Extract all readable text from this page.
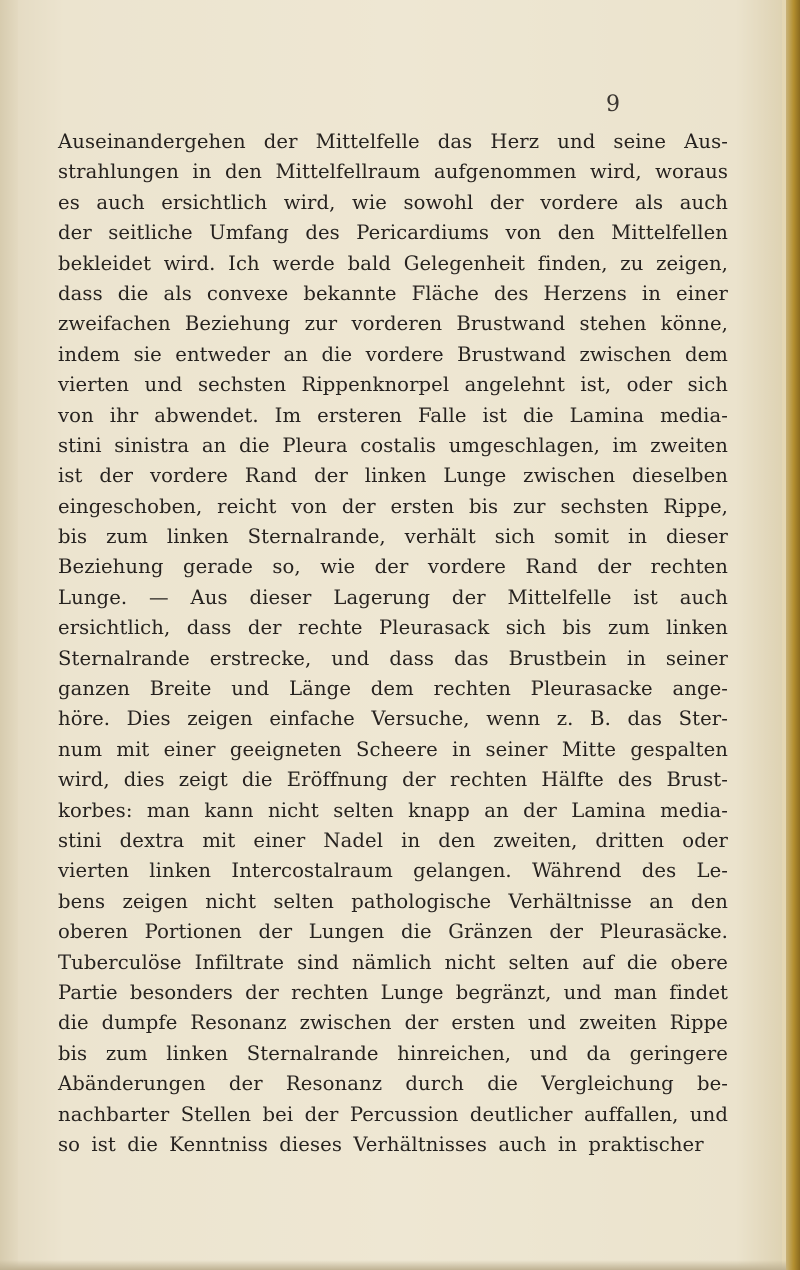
9
Auseinandergehen der Mittelfelle das Herz und seine Aus-
strahlungen in den Mittelfellraum aufgenommen wird, woraus
es auch ersichtlich wird, wie sowohl der vordere als auch
der seitliche Umfang des Pericardiums von den Mittelfellen
bekleidet wird. Ich werde bald Gelegenheit finden, zu zeigen,
dass die als convexe bekannte Fläche des Herzens in einer
zweifachen Beziehung zur vorderen Brustwand stehen könne,
indem sie entweder an die vordere Brustwand zwischen dem
vierten und sechsten Rippenknorpel angelehnt ist, oder sich
von ihr abwendet. Im ersteren Falle ist die Lamina media-
stini sinistra an die Pleura costalis umgeschlagen, im zweiten
ist der vordere Rand der linken Lunge zwischen dieselben
eingeschoben, reicht von der ersten bis zur sechsten Rippe,
bis zum linken Sternalrande, verhält sich somit in dieser
Beziehung gerade so, wie der vordere Rand der rechten
Lunge. — Aus dieser Lagerung der Mittelfelle ist auch
ersichtlich, dass der rechte Pleurasack sich bis zum linken
Sternalrande erstrecke, und dass das Brustbein in seiner
ganzen Breite und Länge dem rechten Pleurasacke ange-
höre. Dies zeigen einfache Versuche, wenn z. B. das Ster-
num mit einer geeigneten Scheere in seiner Mitte gespalten
wird, dies zeigt die Eröffnung der rechten Hälfte des Brust-
korbes: man kann nicht selten knapp an der Lamina media-
stini dextra mit einer Nadel in den zweiten, dritten oder
vierten linken Intercostalraum gelangen. Während des Le-
bens zeigen nicht selten pathologische Verhältnisse an den
oberen Portionen der Lungen die Gränzen der Pleurasäcke.
Tuberculöse Infiltrate sind nämlich nicht selten auf die obere
Partie besonders der rechten Lunge begränzt, und man findet
die dumpfe Resonanz zwischen der ersten und zweiten Rippe
bis zum linken Sternalrande hinreichen, und da geringere
Abänderungen der Resonanz durch die Vergleichung be-
nachbarter Stellen bei der Percussion deutlicher auffallen, und
so ist die Kenntniss dieses Verhältnisses auch in praktischer
